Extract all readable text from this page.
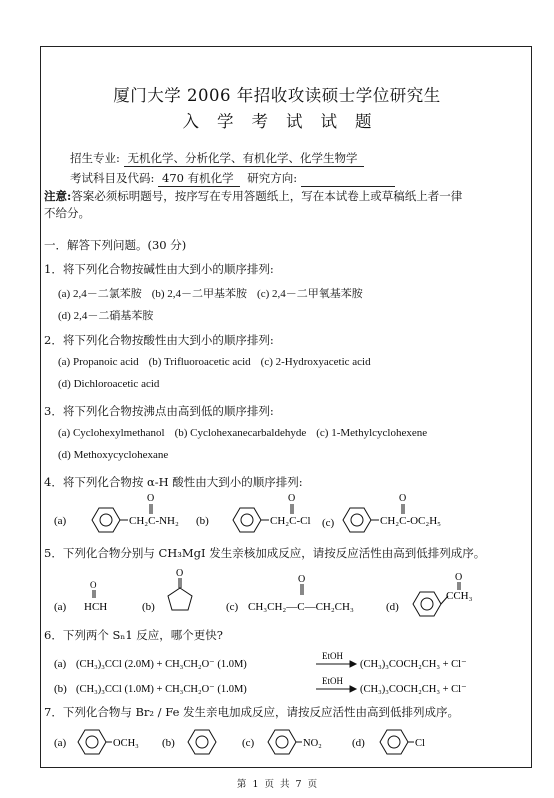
厦门大学 2006 年招收攻读硕士学位研究生
入 学 考 试 试 题
招生专业: 无机化学、分析化学、有机化学、化学生物学
考试科目及代码: 470 有机化学 研究方向:
注意:答案必须标明题号，按序写在专用答题纸上，写在本试卷上或草稿纸上者一律
不给分。
一．解答下列问题。(30 分)
1．将下列化合物按碱性由大到小的顺序排列:
(a) 2,4－二氯苯胺 (b) 2,4－二甲基苯胺 (c) 2,4－二甲氧基苯胺
(d) 2,4－二硝基苯胺
2．将下列化合物按酸性由大到小的顺序排列:
(a) Propanoic acid (b) Trifluoroacetic acid (c) 2-Hydroxyacetic acid
(d) Dichloroacetic acid
3．将下列化合物按沸点由高到低的顺序排列:
(a) Cyclohexylmethanol (b) Cyclohexanecarbaldehyde (c) 1-Methylcyclohexene
(d) Methoxycyclohexane
4．将下列化合物按 α-H 酸性由大到小的顺序排列:
(a)
O
CH₂C-NH₂ (b)
O
CH₂C-Cl (c)
O
CH₂C-OC₂H₅
5．下列化合物分别与 CH₃MgI 发生亲核加成反应，请按反应活性由高到低排列成序。
(a)
O
HCH	(b)
O
(c)
O
CH₃CH₂—C—CH₂CH₃	(d)
O
CCH₃
6．下列两个 Sₙ1 反应，哪个更快?
(a) (CH₃)₃CCl (2.0M) + CH₃CH₂O⁻ (1.0M)
EtOH
(CH₃)₃COCH₂CH₃ + Cl⁻
(b) (CH₃)₃CCl (1.0M) + CH₃CH₂O⁻ (1.0M)
EtOH
(CH₃)₃COCH₂CH₃ + Cl⁻
7．下列化合物与 Br₂ / Fe 发生亲电加成反应，请按反应活性由高到低排列成序。
(a)	OCH₃ (b)	(c)	NO₂	(d)	Cl
第 1 页 共 7 页
